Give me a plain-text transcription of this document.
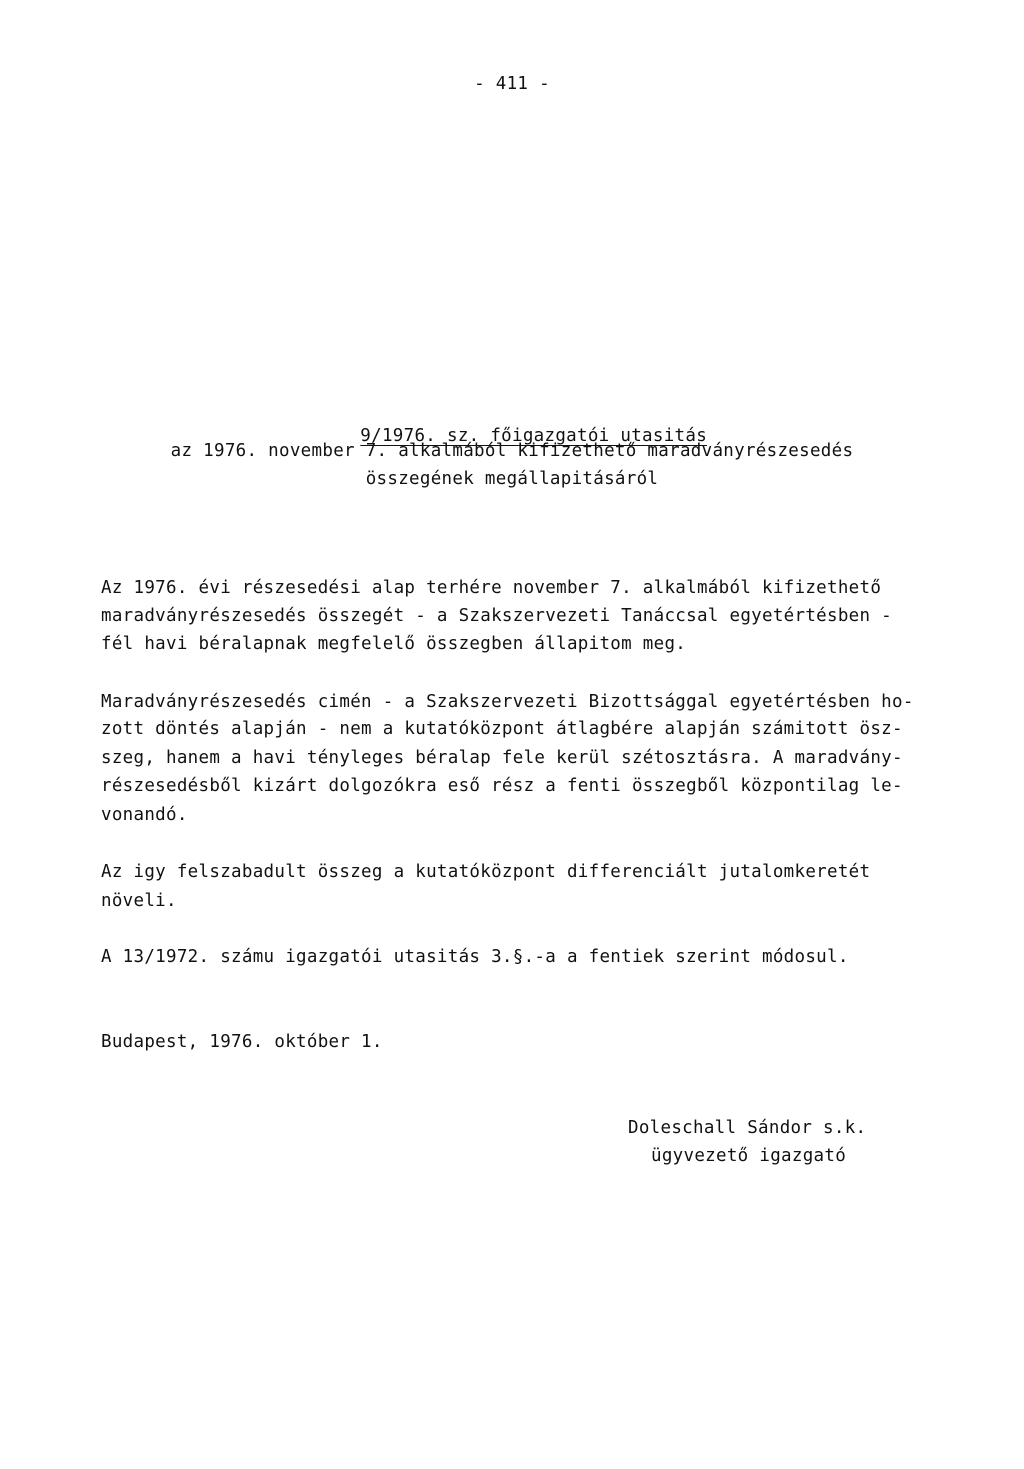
- 411 -

9/1976. sz. főigazgatói utasitás

az 1976. november 7. alkalmából kifizethető maradványrészesedés
összegének megállapitásáról
Az 1976. évi részesedési alap terhére november 7. alkalmából kifizethető
maradványrészesedés összegét - a Szakszervezeti Tanáccsal egyetértésben -
fél havi béralapnak megfelelő összegben állapitom meg.
Maradványrészesedés cimén - a Szakszervezeti Bizottsággal egyetértésben ho-
zott döntés alapján - nem a kutatóközpont átlagbére alapján számitott ösz-
szeg, hanem a havi tényleges béralap fele kerül szétosztásra. A maradvány-
részesedésből kizárt dolgozókra eső rész a fenti összegből központilag le-
vonandó.
Az igy felszabadult összeg a kutatóközpont differenciált jutalomkeretét
növeli.
A 13/1972. számu igazgatói utasitás 3.§.-a a fentiek szerint módosul.
Budapest, 1976. október 1.
Doleschall Sándor s.k.
ügyvezető igazgató
